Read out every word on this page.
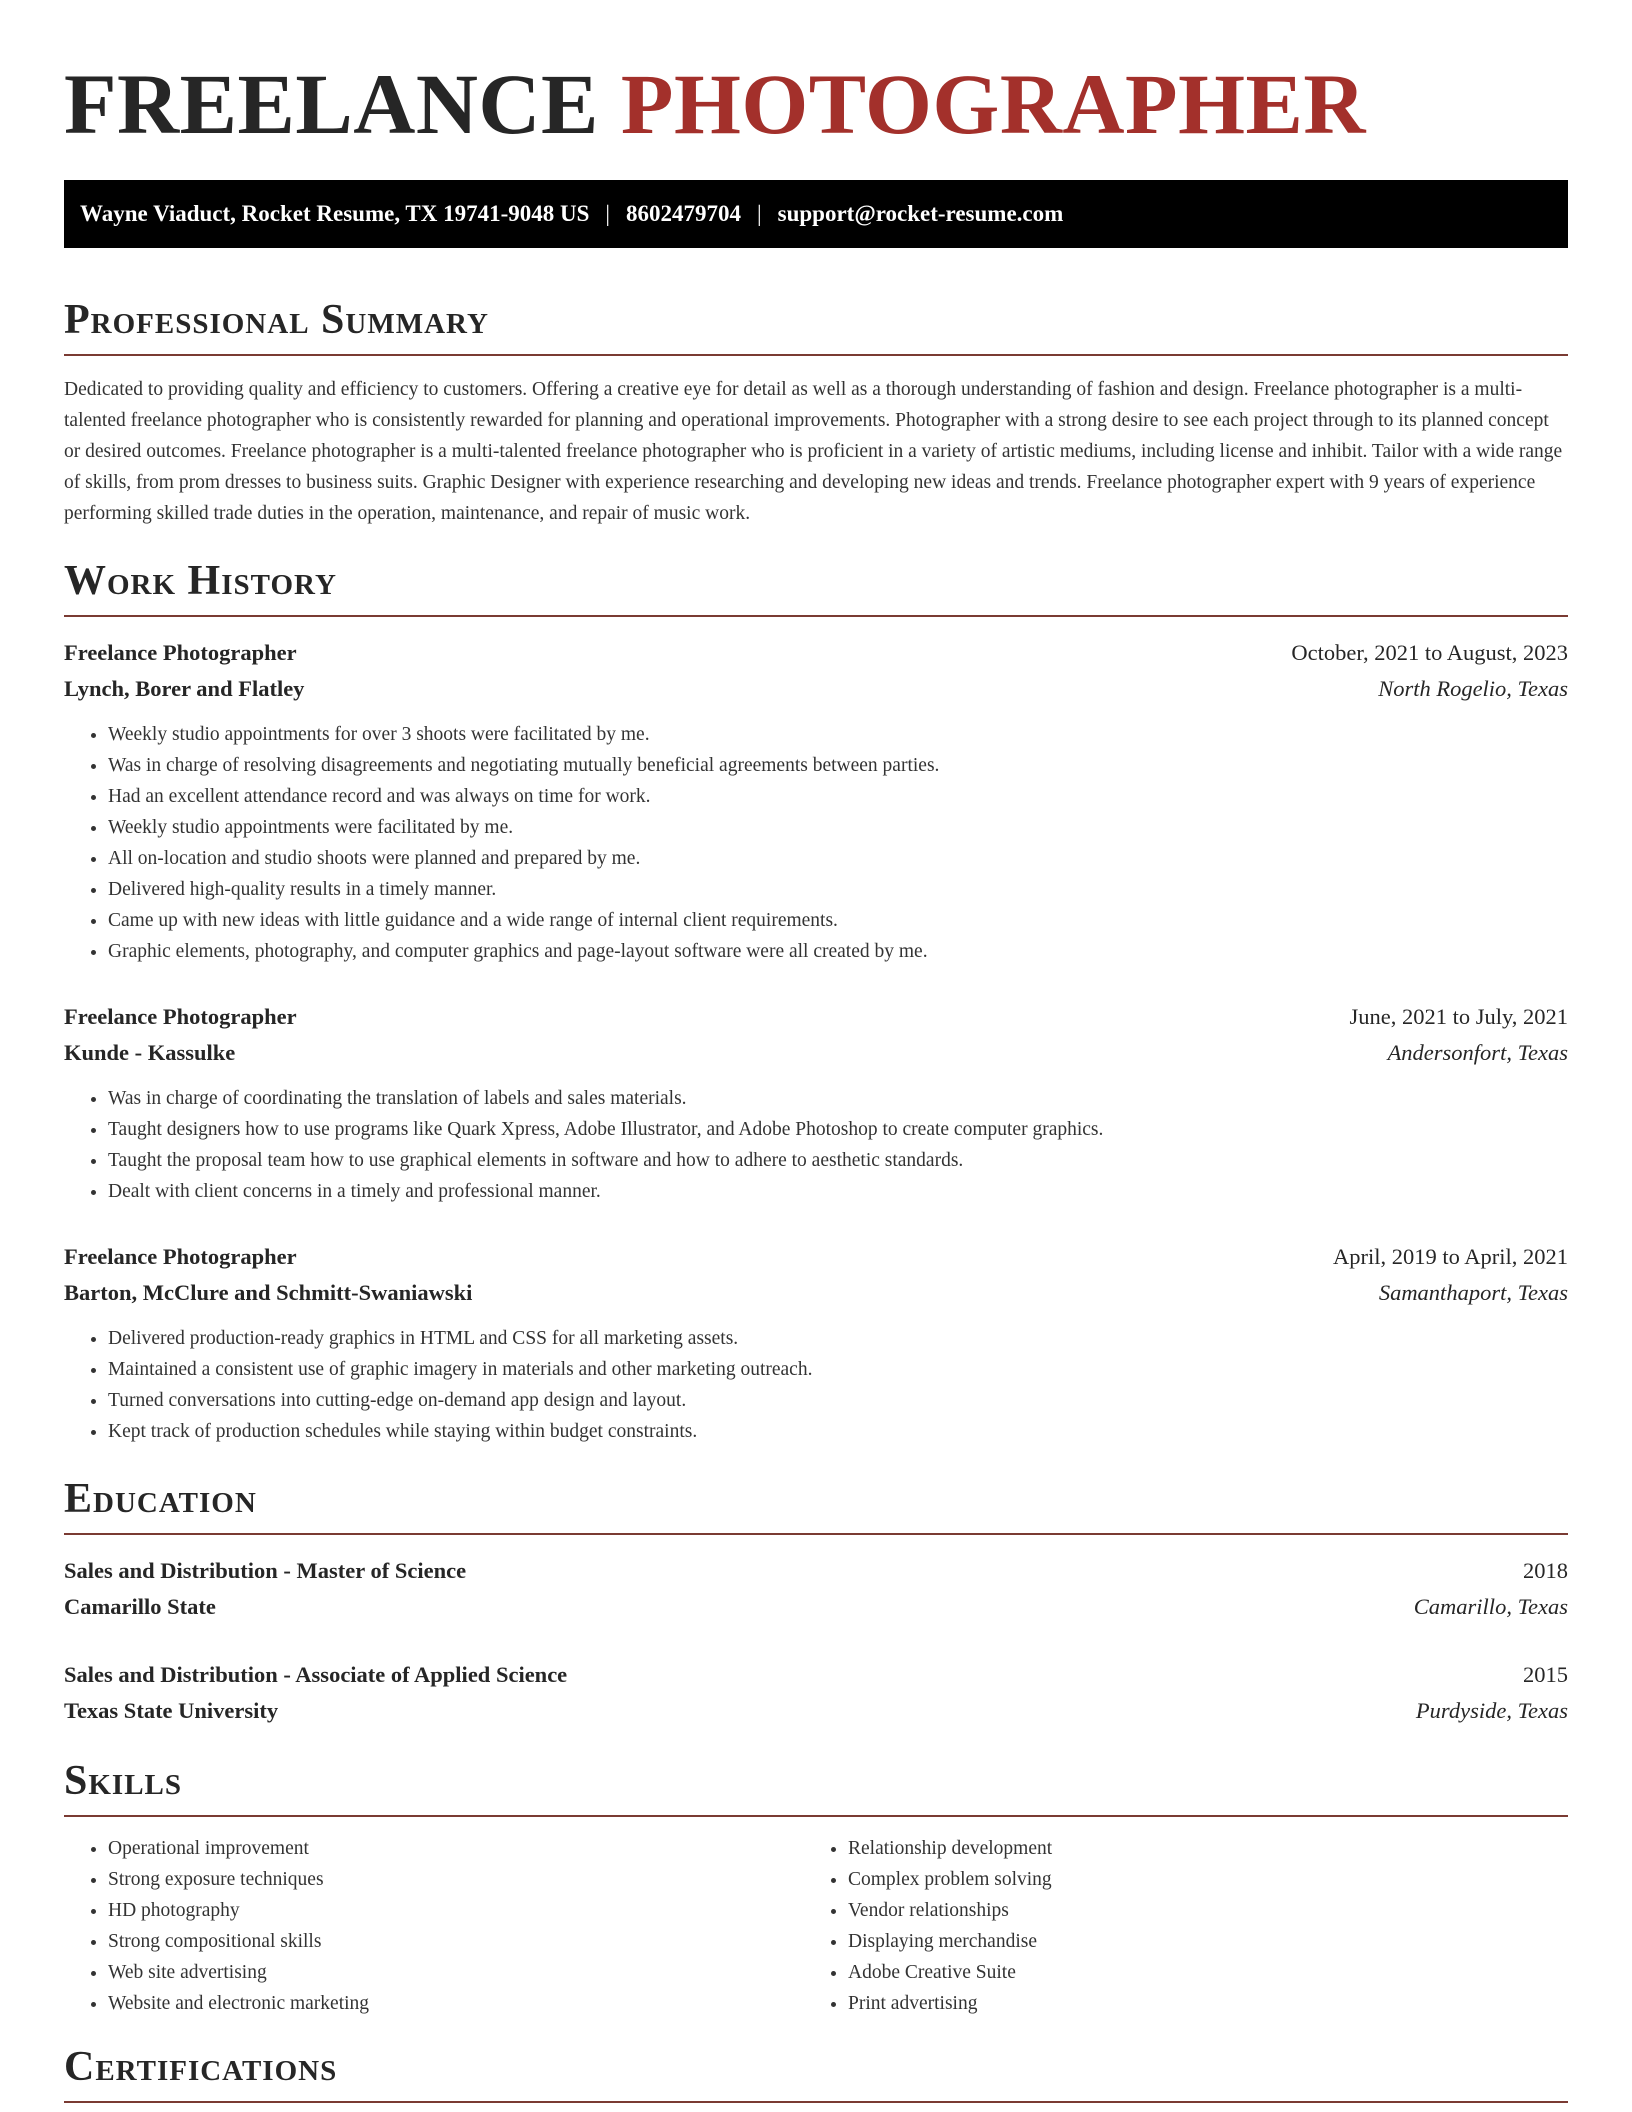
FREELANCE PHOTOGRAPHER
Wayne Viaduct, Rocket Resume, TX 19741-9048 US | 8602479704 | support@rocket-resume.com
Professional Summary

Dedicated to providing quality and efficiency to customers. Offering a creative eye for detail as well as a thorough understanding of fashion and design. Freelance photographer is a multi-talented freelance photographer who is consistently rewarded for planning and operational improvements. Photographer with a strong desire to see each project through to its planned concept or desired outcomes. Freelance photographer is a multi-talented freelance photographer who is proficient in a variety of artistic mediums, including license and inhibit. Tailor with a wide range of skills, from prom dresses to business suits. Graphic Designer with experience researching and developing new ideas and trends. Freelance photographer expert with 9 years of experience performing skilled trade duties in the operation, maintenance, and repair of music work.

Work History
Freelance Photographer	October, 2021 to August, 2023
Lynch, Borer and Flatley	North Rogelio, Texas
• Weekly studio appointments for over 3 shoots were facilitated by me.
• Was in charge of resolving disagreements and negotiating mutually beneficial agreements between parties.
• Had an excellent attendance record and was always on time for work.
• Weekly studio appointments were facilitated by me.
• All on-location and studio shoots were planned and prepared by me.
• Delivered high-quality results in a timely manner.
• Came up with new ideas with little guidance and a wide range of internal client requirements.
• Graphic elements, photography, and computer graphics and page-layout software were all created by me.
Freelance Photographer	June, 2021 to July, 2021
Kunde - Kassulke	Andersonfort, Texas
• Was in charge of coordinating the translation of labels and sales materials.
• Taught designers how to use programs like Quark Xpress, Adobe Illustrator, and Adobe Photoshop to create computer graphics.
• Taught the proposal team how to use graphical elements in software and how to adhere to aesthetic standards.
• Dealt with client concerns in a timely and professional manner.
Freelance Photographer	April, 2019 to April, 2021
Barton, McClure and Schmitt-Swaniawski	Samanthaport, Texas
• Delivered production-ready graphics in HTML and CSS for all marketing assets.
• Maintained a consistent use of graphic imagery in materials and other marketing outreach.
• Turned conversations into cutting-edge on-demand app design and layout.
• Kept track of production schedules while staying within budget constraints.
Education
Sales and Distribution - Master of Science	2018
Camarillo State	Camarillo, Texas
Sales and Distribution - Associate of Applied Science	2015
Texas State University	Purdyside, Texas
Skills
• Operational improvement
• Strong exposure techniques
• HD photography
• Strong compositional skills
• Web site advertising
• Website and electronic marketing
• Relationship development
• Complex problem solving
• Vendor relationships
• Displaying merchandise
• Adobe Creative Suite
• Print advertising
Certifications
